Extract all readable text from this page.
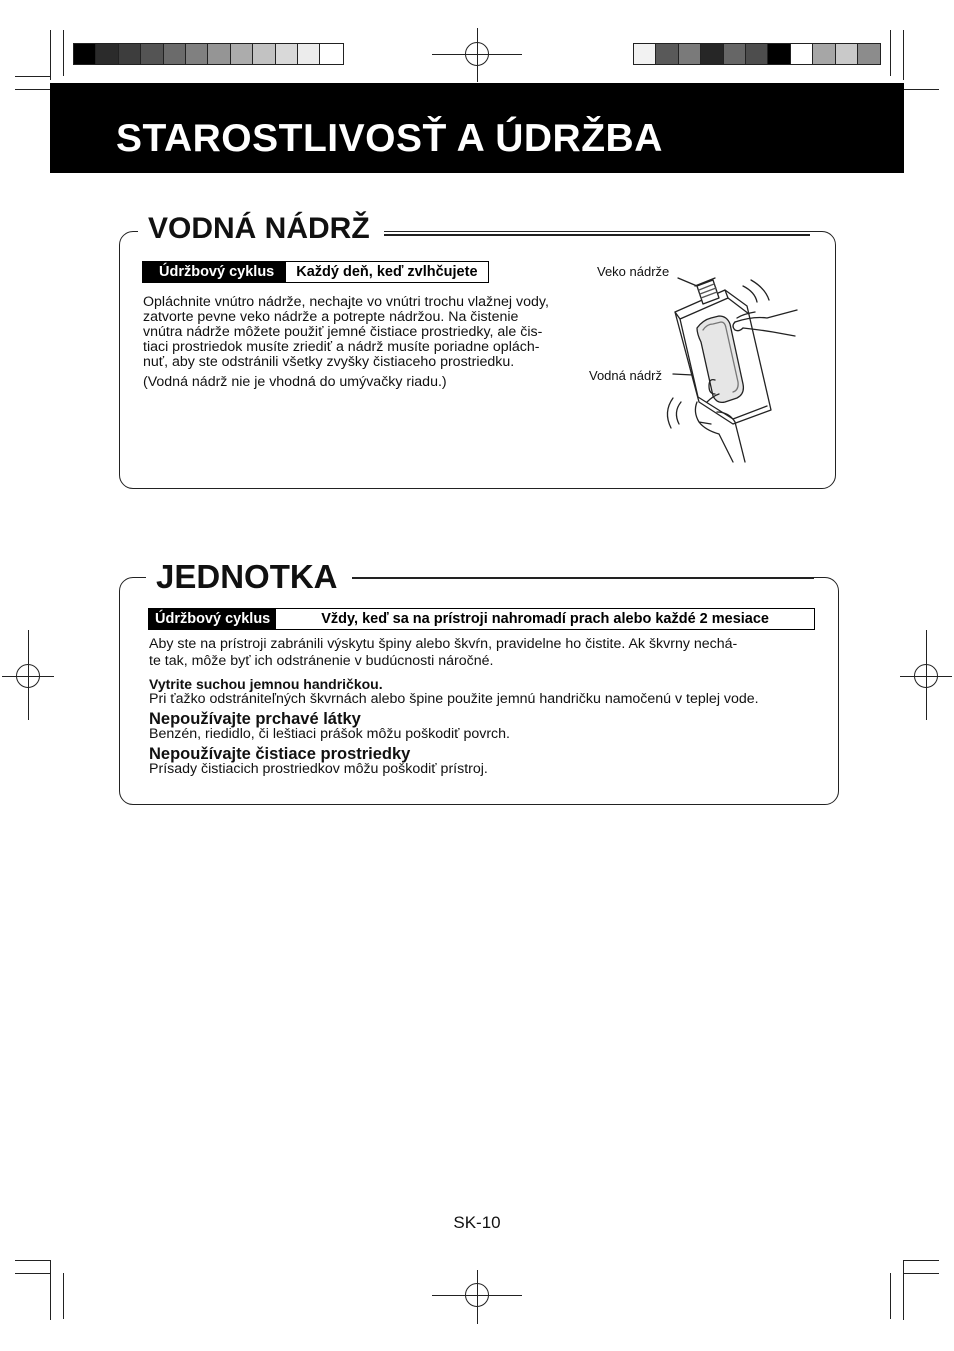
STAROSTLIVOSŤ A ÚDRŽBA
VODNÁ NÁDRŽ
Údržbový cyklus	Každý deň, keď zvlhčujete
Opláchnite vnútro nádrže, nechajte vo vnútri trochu vlažnej vody,
zatvorte pevne veko nádrže a potrepte nádržou. Na čistenie
vnútra nádrže môžete použiť jemné čistiace prostriedky, ale čis-
tiaci prostriedok musíte zriediť a nádrž musíte poriadne oplách-
nuť, aby ste odstránili všetky zvyšky čistiaceho prostriedku.
(Vodná nádrž nie je vhodná do umývačky riadu.)
Veko nádrže
Vodná nádrž
JEDNOTKA
Údržbový cyklus	Vždy, keď sa na prístroji nahromadí prach alebo každé 2 mesiace
Aby ste na prístroji zabránili výskytu špiny alebo škvŕn, pravidelne ho čistite. Ak škvrny nechá-
te tak, môže byť ich odstránenie v budúcnosti náročné.
Vytrite suchou jemnou handričkou.
Pri ťažko odstrániteľných škvrnách alebo špine použite jemnú handričku namočenú v teplej vode.
Nepoužívajte prchavé látky
Benzén, riedidlo, či leštiaci prášok môžu poškodiť povrch.
Nepoužívajte čistiace prostriedky
Prísady čistiacich prostriedkov môžu poškodiť prístroj.
SK-10
